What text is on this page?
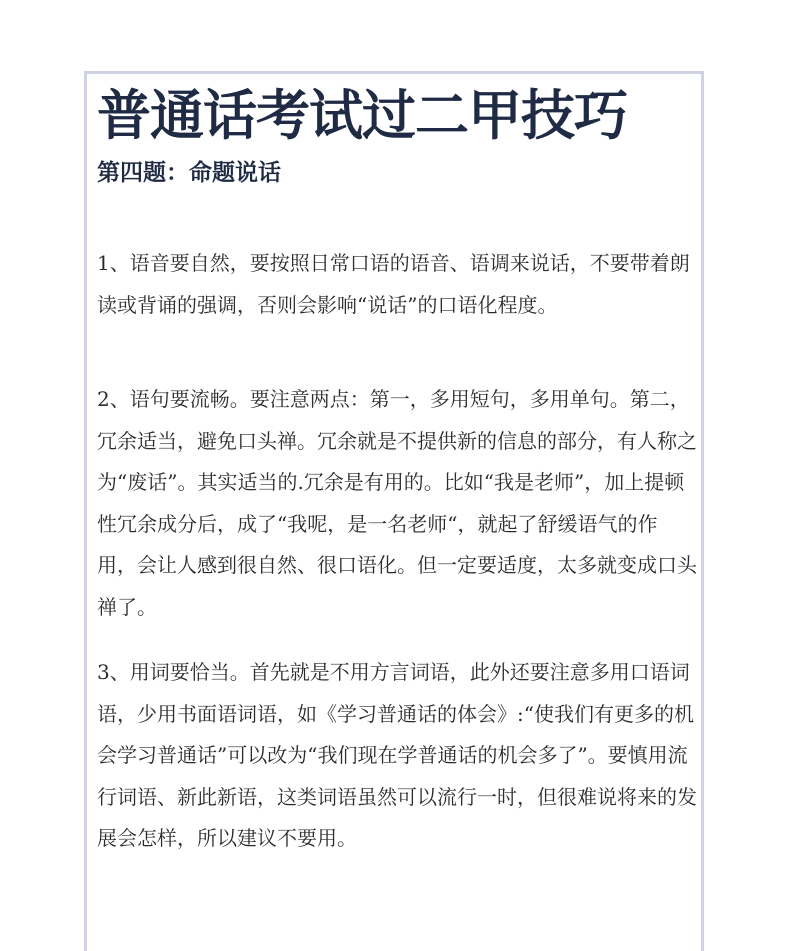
普通话考试过二甲技巧
第四题：命题说话

1、语音要自然，要按照日常口语的语音、语调来说话，不要带着朗读或背诵的强调，否则会影响“说话”的口语化程度。

2、语句要流畅。要注意两点：第一，多用短句，多用单句。第二，冗余适当，避免口头禅。冗余就是不提供新的信息的部分，有人称之为“废话”。其实适当的.冗余是有用的。比如“我是老师”，加上提顿性冗余成分后，成了“我呢，是一名老师“，就起了舒缓语气的作用，会让人感到很自然、很口语化。但一定要适度，太多就变成口头禅了。

3、用词要恰当。首先就是不用方言词语，此外还要注意多用口语词语，少用书面语词语，如《学习普通话的体会》:“使我们有更多的机会学习普通话”可以改为“我们现在学普通话的机会多了”。要慎用流行词语、新此新语，这类词语虽然可以流行一时，但很难说将来的发展会怎样，所以建议不要用。
